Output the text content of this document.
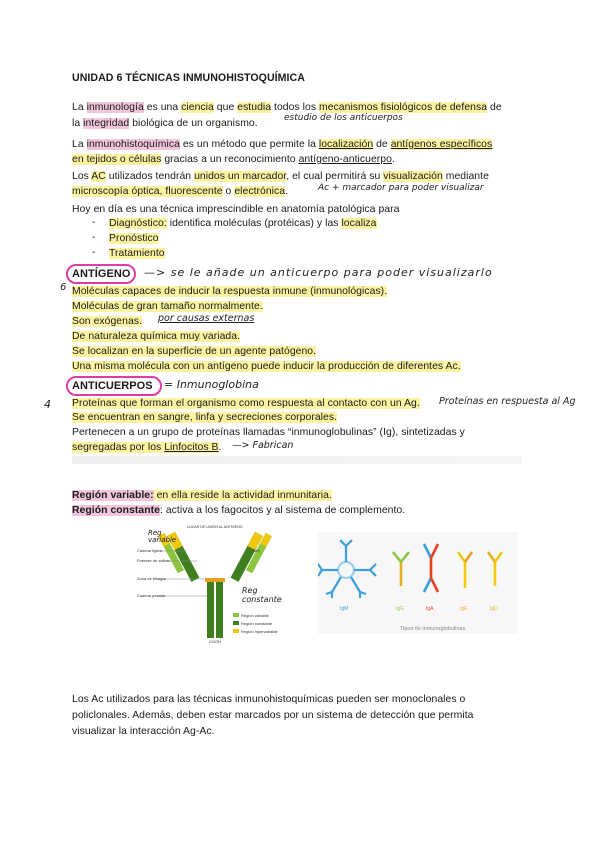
UNIDAD 6 TÉCNICAS INMUNOHISTOQUÍMICA
La inmunología es una ciencia que estudia todos los mecanismos fisiológicos de defensa de
la integridad biológica de un organismo.	estudio de los anticuerpos
La inmunohistoquímica es un método que permite la localización de antígenos específicos
en tejidos o células gracias a un reconocimiento antígeno-anticuerpo.
Los AC utilizados tendrán unidos un marcador, el cual permitirá su visualización mediante
microscopía óptica, fluorescente o electrónica.	Ac + marcador para poder visualizar
Hoy en día es una técnica imprescindible en anatomía patológica para
- Diagnóstico: identifica moléculas (protéicas) y las localiza
- Pronóstico
- Tratamiento
ANTÍGENO —> se le añade un anticuerpo para poder visualizarlo
6 Moléculas capaces de inducir la respuesta inmune (inmunológicas).
Moléculas de gran tamaño normalmente.
Son exógenas. por causas externas
De naturaleza química muy variada.
Se localizan en la superficie de un agente patógeno.
Una misma molécula con un antígeno puede inducir la producción de diferentes Ac.
ANTICUERPOS = Inmunoglobina
4 Proteínas que forman el organismo como respuesta al contacto con un Ag. Proteínas en respuesta al Ag
Se encuentran en sangre, linfa y secreciones corporales.
Pertenecen a un grupo de proteínas llamadas “inmunoglobulinas” (Ig), sintetizadas y
segregadas por los Linfocitos B. —> Fabrican
Región variable: en ella reside la actividad inmunitaria.
Región constante: activa a los fagocitos y al sistema de complemento.
LUGAR DE UNIÓN AL ANTÍGENO
NH₂
COOH
Cadena ligera
Puentes de sulfuro
Zona de bisagra
Cadena pesada
Región variable
Región constante
Región hipervariable
Reg variable
Reg constante
IgM	IgG	IgA	IgE	IgD
Tipos de inmunoglobulinas.
Los Ac utilizados para las técnicas inmunohistoquímicas pueden ser monoclonales o
policlonales. Además, deben estar marcados por un sistema de detección que permita
visualizar la interacción Ag-Ac.
